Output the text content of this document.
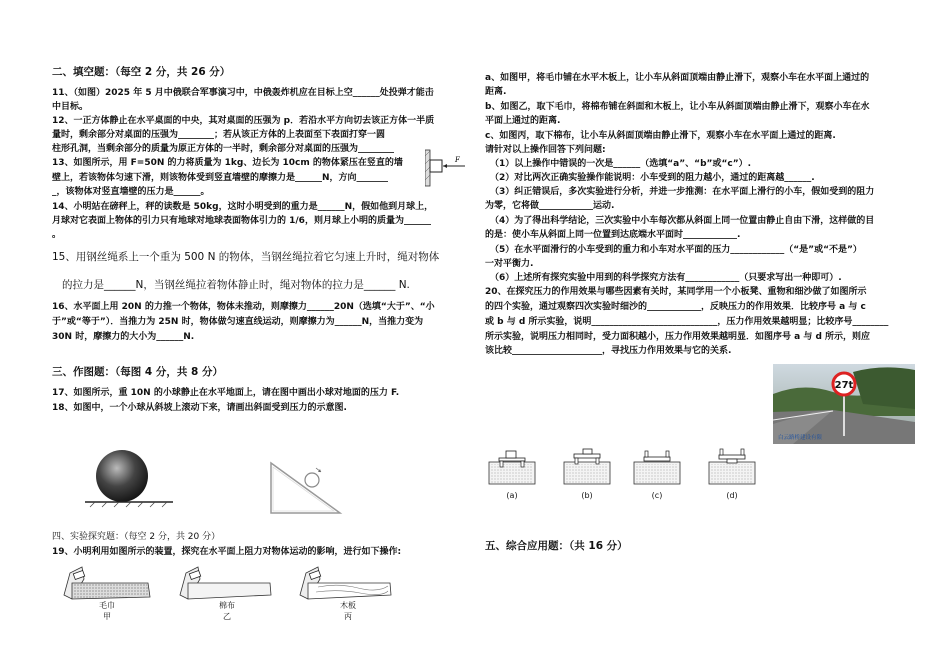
二、填空题：（每空 2 分，共 26 分）
11、（如图）2025 年 5 月中俄联合军事演习中，中俄轰炸机应在目标上空______处投弹才能击
中目标。
12、一正方体静止在水平桌面的中央，其对桌面的压强为 p．若沿水平方向切去该正方体一半质
量时，剩余部分对桌面的压强为________；若从该正方体的上表面至下表面打穿一圆
柱形孔洞，当剩余部分的质量为原正方体的一半时，剩余部分对桌面的压强为________
13、如图所示，用 F=50N 的力将质量为 1kg、边长为 10cm 的物体紧压在竖直的墙
壁上，若该物体匀速下滑，则该物体受到竖直墙壁的摩擦力是______N，方向_______
_，该物体对竖直墙壁的压力是______。
F
14、小明站在磅秤上，秤的读数是 50kg，这时小明受到的重力是______N，假如他到月球上，
月球对它表面上物体的引力只有地球对地球表面物体引力的 1/6，则月球上小明的质量为______
。
15、用钢丝绳系上一个重为 500 N 的物体，当钢丝绳拉着它匀速上升时，绳对物体
的拉力是______N，当钢丝绳拉着物体静止时，绳对物体的拉力是______ N.
16、水平面上用 20N 的力推一个物体，物体未推动，则摩擦力______20N（选填“大于”、“小
于”或“等于”）．当推力为 25N 时，物体做匀速直线运动，则摩擦力为______N，当推力变为
30N 时，摩擦力的大小为______N.
三、作图题：（每图 4 分，共 8 分）
17、如图所示，重 10N 的小球静止在水平地面上，请在图中画出小球对地面的压力 F.
18、如图中，一个小球从斜坡上滚动下来，请画出斜面受到压力的示意图.
四、实验探究题：（每空 2 分，共 20 分）
19、小明利用如图所示的装置，探究在水平面上阻力对物体运动的影响，进行如下操作:
毛巾
甲
棉布
乙
木板
丙
a、如图甲，将毛巾铺在水平木板上，让小车从斜面顶端由静止滑下，观察小车在水平面上通过的
距离.
b、如图乙，取下毛巾，将棉布铺在斜面和木板上，让小车从斜面顶端由静止滑下，观察小车在水
平面上通过的距离.
c、如图丙，取下棉布，让小车从斜面顶端由静止滑下，观察小车在水平面上通过的距离.
请针对以上操作回答下列问题:
（1）以上操作中错误的一次是______（选填“a”、“b”或“c”）.
（2）对比两次正确实验操作能说明：小车受到的阻力越小，通过的距离越______.
（3）纠正错误后，多次实验进行分析，并进一步推测：在水平面上滑行的小车，假如受到的阻力
为零，它将做____________运动.
（4）为了得出科学结论，三次实验中小车每次都从斜面上同一位置由静止自由下滑，这样做的目
的是：使小车从斜面上同一位置到达底端水平面时____________.
（5）在水平面滑行的小车受到的重力和小车对水平面的压力____________（“是”或“不是”）
一对平衡力.
（6）上述所有探究实验中用到的科学探究方法有____________（只要求写出一种即可）.
20、在探究压力的作用效果与哪些因素有关时，某同学用一个小板凳、重物和细沙做了如图所示
的四个实验，通过观察四次实验时细沙的____________，反映压力的作用效果．比较序号 a 与 c
或 b 与 d 所示实验，说明____________________________，压力作用效果越明显；比较序号________
所示实验，说明压力相同时，受力面积越小，压力作用效果越明显．如图序号 a 与 d 所示，则应
该比较____________________，寻找压力作用效果与它的关系.
27t
白云路桥建设有限
(a)	(b)	(c)	(d)
五、综合应用题：（共 16 分）
